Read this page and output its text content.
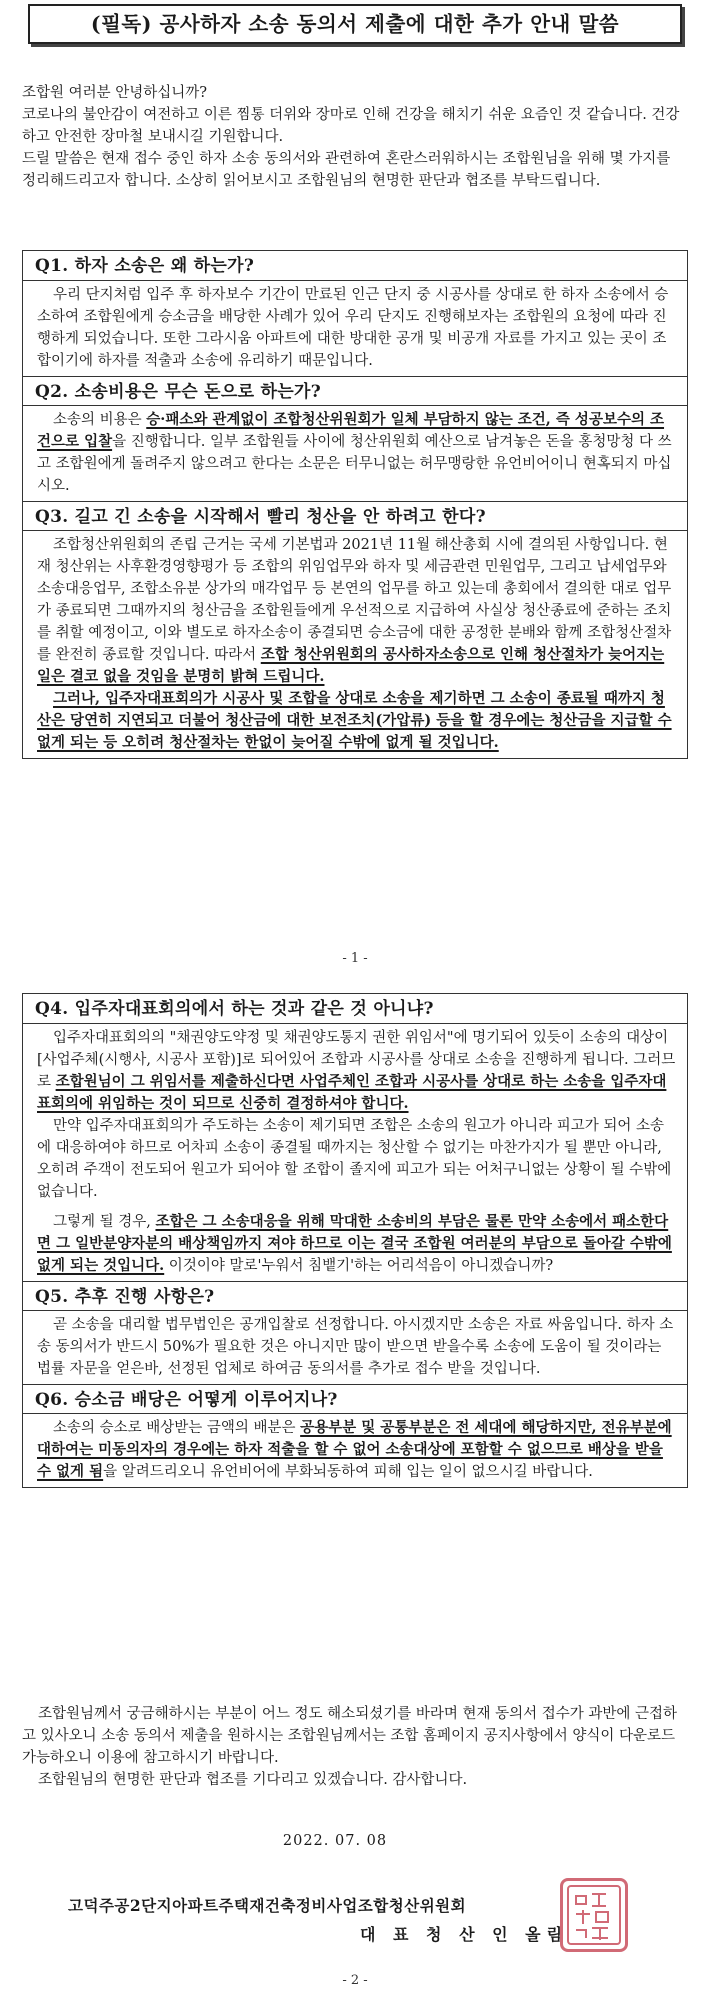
(필독) 공사하자 소송 동의서 제출에 대한 추가 안내 말씀

조합원 여러분 안녕하십니까?

코로나의 불안감이 여전하고 이른 찜통 더위와 장마로 인해 건강을 해치기 쉬운 요즘인 것 같습니다. 건강하고 안전한 장마철 보내시길 기원합니다.

드릴 말씀은 현재 접수 중인 하자 소송 동의서와 관련하여 혼란스러워하시는 조합원님을 위해 몇 가지를 정리해드리고자 합니다. 소상히 읽어보시고 조합원님의 현명한 판단과 협조를 부탁드립니다.

Q1. 하자 소송은 왜 하는가?

우리 단지처럼 입주 후 하자보수 기간이 만료된 인근 단지 중 시공사를 상대로 한 하자 소송에서 승소하여 조합원에게 승소금을 배당한 사례가 있어 우리 단지도 진행해보자는 조합원의 요청에 따라 진행하게 되었습니다. 또한 그라시움 아파트에 대한 방대한 공개 및 비공개 자료를 가지고 있는 곳이 조합이기에 하자를 적출과 소송에 유리하기 때문입니다.

Q2. 소송비용은 무슨 돈으로 하는가?

소송의 비용은 승·패소와 관계없이 조합청산위원회가 일체 부담하지 않는 조건, 즉 성공보수의 조건으로 입찰을 진행합니다. 일부 조합원들 사이에 청산위원회 예산으로 남겨놓은 돈을 홍청망청 다 쓰고 조합원에게 돌려주지 않으려고 한다는 소문은 터무니없는 허무맹랑한 유언비어이니 현혹되지 마십시오.

Q3. 길고 긴 소송을 시작해서 빨리 청산을 안 하려고 한다?

조합청산위원회의 존립 근거는 국세 기본법과 2021년 11월 해산총회 시에 결의된 사항입니다. 현재 청산위는 사후환경영향평가 등 조합의 위임업무와 하자 및 세금관련 민원업무, 그리고 납세업무와 소송대응업무, 조합소유분 상가의 매각업무 등 본연의 업무를 하고 있는데 총회에서 결의한 대로 업무가 종료되면 그때까지의 청산금을 조합원들에게 우선적으로 지급하여 사실상 청산종료에 준하는 조치를 취할 예정이고, 이와 별도로 하자소송이 종결되면 승소금에 대한 공정한 분배와 함께 조합청산절차를 완전히 종료할 것입니다. 따라서 조합 청산위원회의 공사하자소송으로 인해 청산절차가 늦어지는 일은 결코 없을 것임을 분명히 밝혀 드립니다.

그러나, 입주자대표회의가 시공사 및 조합을 상대로 소송을 제기하면 그 소송이 종료될 때까지 청산은 당연히 지연되고 더불어 청산금에 대한 보전조치(가압류) 등을 할 경우에는 청산금을 지급할 수 없게 되는 등 오히려 청산절차는 한없이 늦어질 수밖에 없게 될 것입니다.

- 1 -
Q4. 입주자대표회의에서 하는 것과 같은 것 아니냐?

입주자대표회의의 "채권양도약정 및 채권양도통지 권한 위임서"에 명기되어 있듯이 소송의 대상이 [사업주체(시행사, 시공사 포함)]로 되어있어 조합과 시공사를 상대로 소송을 진행하게 됩니다. 그러므로 조합원님이 그 위임서를 제출하신다면 사업주체인 조합과 시공사를 상대로 하는 소송을 입주자대표회의에 위임하는 것이 되므로 신중히 결정하셔야 합니다.

만약 입주자대표회의가 주도하는 소송이 제기되면 조합은 소송의 원고가 아니라 피고가 되어 소송에 대응하여야 하므로 어차피 소송이 종결될 때까지는 청산할 수 없기는 마찬가지가 될 뿐만 아니라, 오히려 주객이 전도되어 원고가 되어야 할 조합이 졸지에 피고가 되는 어처구니없는 상황이 될 수밖에 없습니다.

그렇게 될 경우, 조합은 그 소송대응을 위해 막대한 소송비의 부담은 물론 만약 소송에서 패소한다면 그 일반분양자분의 배상책임까지 져야 하므로 이는 결국 조합원 여러분의 부담으로 돌아갈 수밖에 없게 되는 것입니다. 이것이야 말로'누워서 침뱉기'하는 어리석음이 아니겠습니까?

Q5. 추후 진행 사항은?

곧 소송을 대리할 법무법인은 공개입찰로 선정합니다. 아시겠지만 소송은 자료 싸움입니다. 하자 소송 동의서가 반드시 50%가 필요한 것은 아니지만 많이 받으면 받을수록 소송에 도움이 될 것이라는 법률 자문을 얻은바, 선정된 업체로 하여금 동의서를 추가로 접수 받을 것입니다.

Q6. 승소금 배당은 어떻게 이루어지나?

소송의 승소로 배상받는 금액의 배분은 공용부분 및 공통부분은 전 세대에 해당하지만, 전유부분에 대하여는 미동의자의 경우에는 하자 적출을 할 수 없어 소송대상에 포함할 수 없으므로 배상을 받을 수 없게 됨을 알려드리오니 유언비어에 부화뇌동하여 피해 입는 일이 없으시길 바랍니다.

조합원님께서 궁금해하시는 부분이 어느 정도 해소되셨기를 바라며 현재 동의서 접수가 과반에 근접하고 있사오니 소송 동의서 제출을 원하시는 조합원님께서는 조합 홈페이지 공지사항에서 양식이 다운로드 가능하오니 이용에 참고하시기 바랍니다.

조합원님의 현명한 판단과 협조를 기다리고 있겠습니다. 감사합니다.

2022. 07. 08
고덕주공2단지아파트주택재건축정비사업조합청산위원회
대 표 청 산 인 올림
- 2 -
